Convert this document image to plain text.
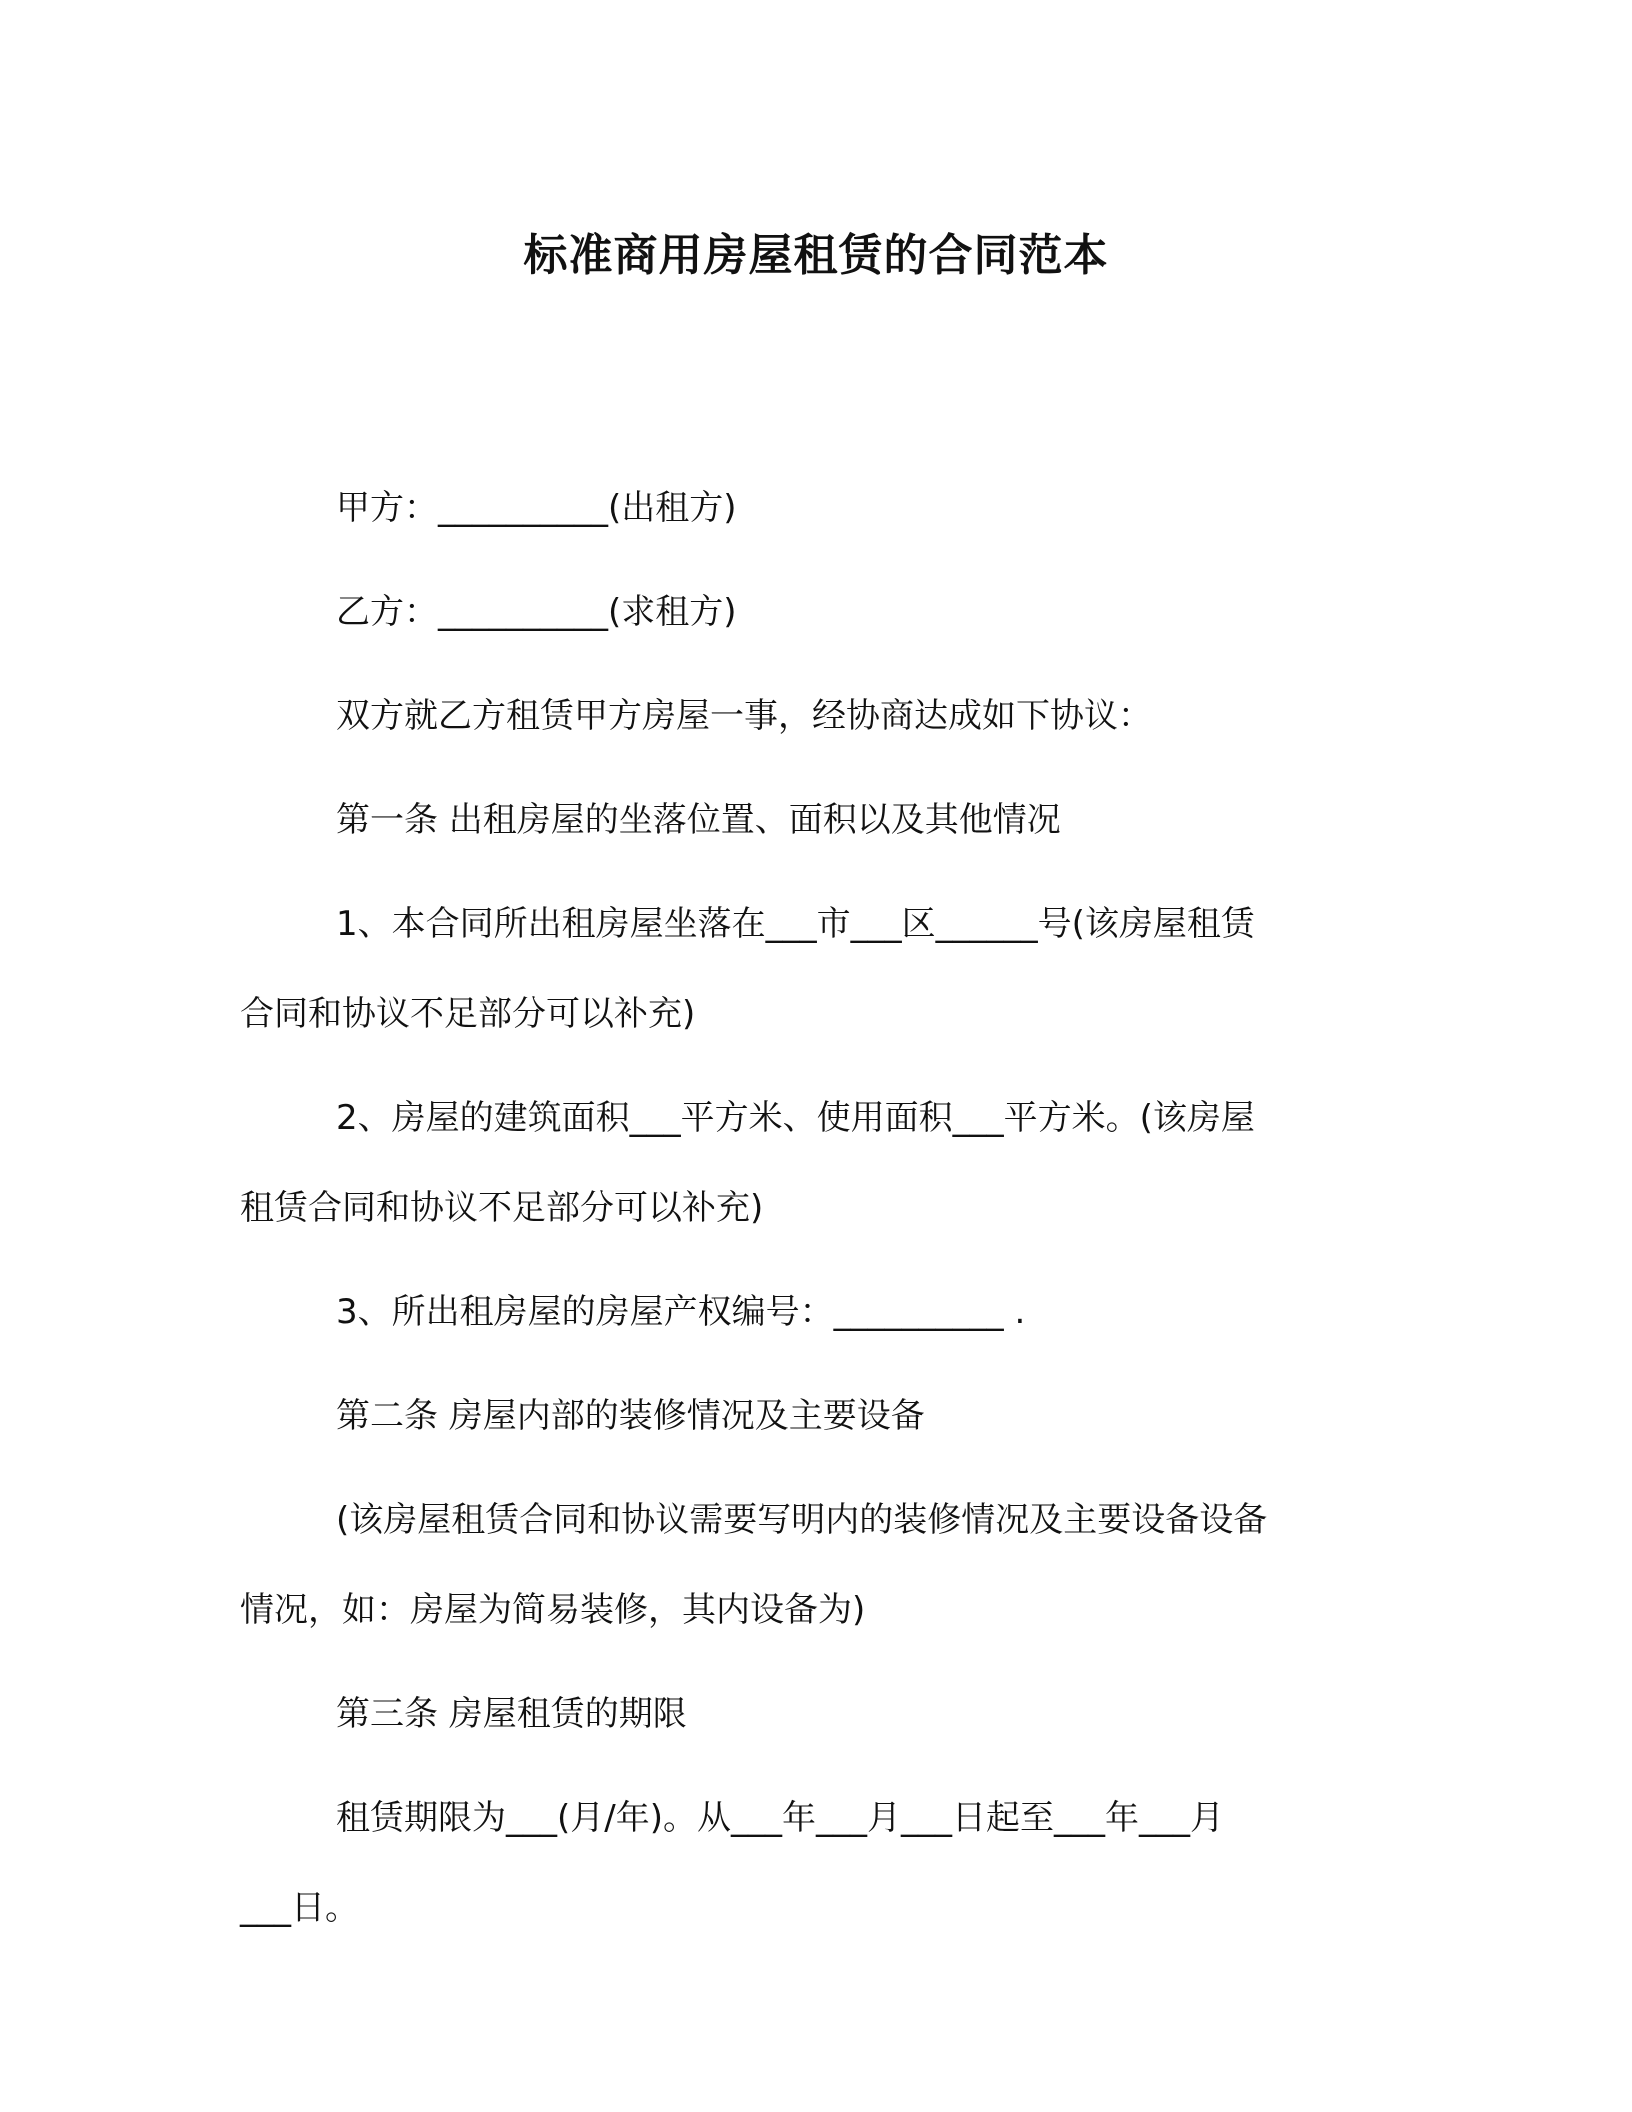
标准商用房屋租赁的合同范本

甲方：__________(出租方)

乙方：__________(求租方)

双方就乙方租赁甲方房屋一事，经协商达成如下协议：

第一条 出租房屋的坐落位置、面积以及其他情况

1、本合同所出租房屋坐落在___市___区______号(该房屋租赁
合同和协议不足部分可以补充)

2、房屋的建筑面积___平方米、使用面积___平方米。(该房屋
租赁合同和协议不足部分可以补充)

3、所出租房屋的房屋产权编号：__________ .

第二条 房屋内部的装修情况及主要设备

(该房屋租赁合同和协议需要写明内的装修情况及主要设备设备
情况，如：房屋为简易装修，其内设备为)

第三条 房屋租赁的期限

租赁期限为___(月/年)。从___年___月___日起至___年___月
___日。
